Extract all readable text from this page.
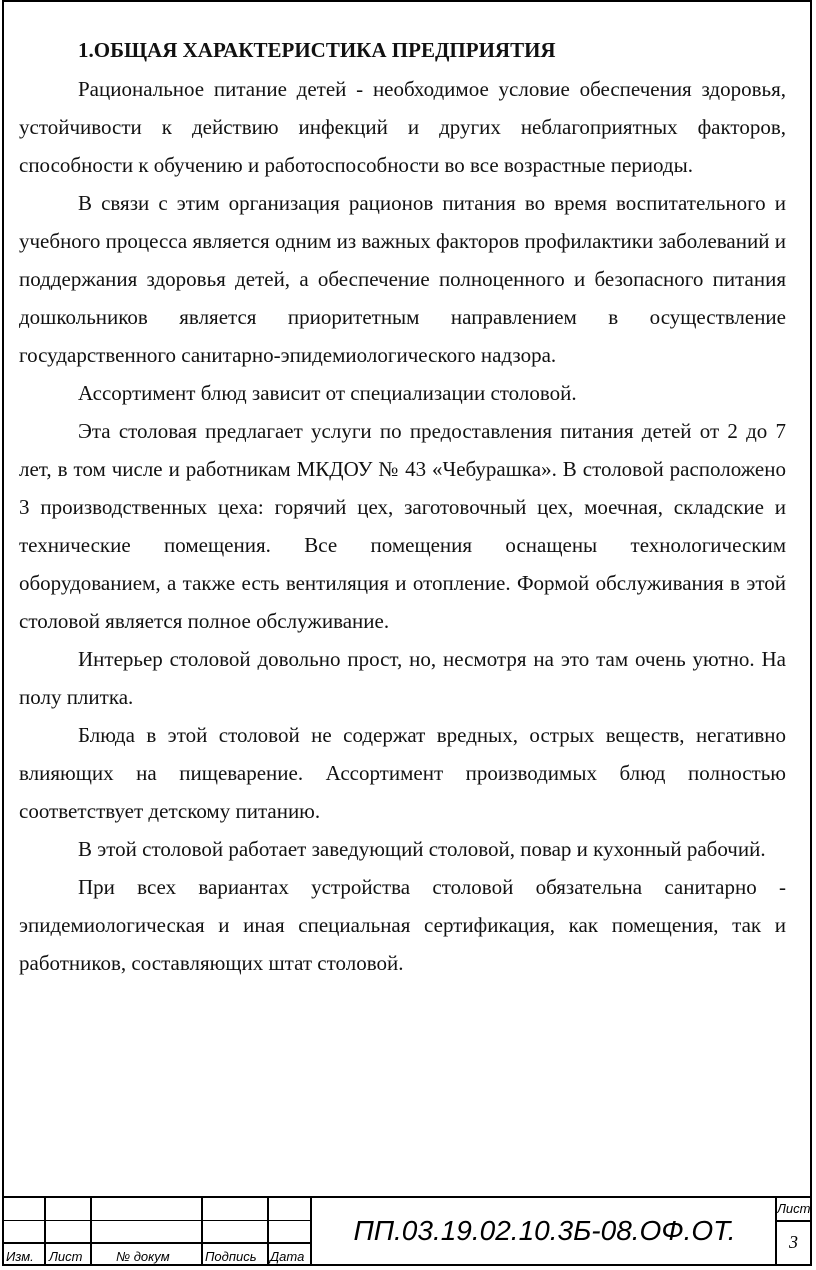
1.ОБЩАЯ ХАРАКТЕРИСТИКА ПРЕДПРИЯТИЯ

Рациональное питание детей - необходимое условие обеспечения здоровья, устойчивости к действию инфекций и других неблагоприятных факторов, способности к обучению и работоспособности во все возрастные периоды.

В связи с этим организация рационов питания во время воспитательного и учебного процесса является одним из важных факторов профилактики заболеваний и поддержания здоровья детей, а обеспечение полноценного и безопасного питания дошкольников является приоритетным направлением в осуществление государственного санитарно-эпидемиологического надзора.

Ассортимент блюд зависит от специализации столовой.

Эта столовая предлагает услуги по предоставления питания детей от 2 до 7 лет, в том числе и работникам МКДОУ № 43 «Чебурашка». В столовой расположено 3 производственных цеха: горячий цех, заготовочный цех, моечная, складские и технические помещения. Все помещения оснащены технологическим оборудованием, а также есть вентиляция и отопление. Формой обслуживания в этой столовой является полное обслуживание.

Интерьер столовой довольно прост, но, несмотря на это там очень уютно. На полу плитка.

Блюда в этой столовой не содержат вредных, острых веществ, негативно влияющих на пищеварение. Ассортимент производимых блюд полностью соответствует детскому питанию.

В этой столовой работает заведующий столовой, повар и кухонный рабочий.

При всех вариантах устройства столовой обязательна санитарно - эпидемиологическая и иная специальная сертификация, как помещения, так и работников, составляющих штат столовой.

Изм. Лист	№ докум	Подпись Дата
ПП.03.19.02.10.3Б-08.ОФ.ОТ.
Лист
3
